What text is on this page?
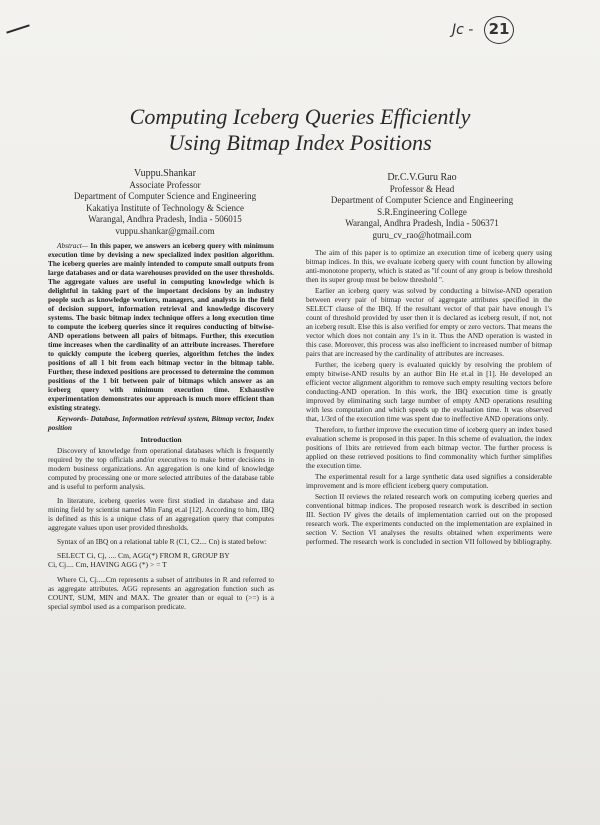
Jc -	21
Computing Iceberg Queries Efficiently
Using Bitmap Index Positions
Vuppu.Shankar
Associate Professor
Department of Computer Science and Engineering
Kakatiya Institute of Technology & Science
Warangal, Andhra Pradesh, India - 506015
vuppu.shankar@gmail.com
Dr.C.V.Guru Rao
Professor & Head
Department of Computer Science and Engineering
S.R.Engineering College
Warangal, Andhra Pradesh, India - 506371
guru_cv_rao@hotmail.com

Abstract— In this paper, we answers an iceberg query with minimum execution time by devising a new specialized index position algorithm. The iceberg queries are mainly intended to compute small outputs from large databases and or data warehouses provided on the user thresholds. The aggregate values are useful in computing knowledge which is delightful in taking part of the important decisions by an industry people such as knowledge workers, managers, and analysts in the field of decision support, information retrieval and knowledge discovery systems. The basic bitmap index technique offers a long execution time to compute the iceberg queries since it requires conducting of bitwise-AND operations between all pairs of bitmaps. Further, this execution time increases when the cardinality of an attribute increases. Therefore to quickly compute the iceberg queries, algorithm fetches the index positions of all 1 bit from each bitmap vector in the bitmap table. Further, these indexed positions are processed to determine the common positions of the 1 bit between pair of bitmaps which answer as an iceberg query with minimum execution time. Exhaustive experimentation demonstrates our approach is much more efficient than existing strategy.

Keywords- Database, Information retrieval system, Bitmap vector, Index position

Introduction

Discovery of knowledge from operational databases which is frequently required by the top officials and/or executives to make better decisions in modern business organizations. An aggregation is one kind of knowledge computed by processing one or more selected attributes of the database table and is useful to perform analysis.

In literature, iceberg queries were first studied in database and data mining field by scientist named Min Fang et.al [12]. According to him, IBQ is defined as this is a unique class of an aggregation query that computes aggregate values upon user provided thresholds.

Syntax of an IBQ on a relational table R (C1, C2.... Cn) is stated below:

SELECT Ci, Cj, .... Cm, AGG(*) FROM R, GROUP BY
Ci, Cj.... Cm, HAVING AGG (*) > = T

Where Ci, Cj.....Cm represents a subset of attributes in R and referred to as aggregate attributes. AGG represents an aggregation function such as COUNT, SUM, MIN and MAX. The greater than or equal to (>=) is a special symbol used as a comparison predicate.

The aim of this paper is to optimize an execution time of iceberg query using bitmap indices. In this, we evaluate iceberg query with count function by allowing anti-monotone property, which is stated as "if count of any group is below threshold then its super group must be below threshold ".

Earlier an iceberg query was solved by conducting a bitwise-AND operation between every pair of bitmap vector of aggregate attributes specified in the SELECT clause of the IBQ. If the resultant vector of that pair have enough 1's count of threshold provided by user then it is declared as iceberg result, if not, not an iceberg result. Else this is also verified for empty or zero vectors. That means the vector which does not contain any 1's in it. Thus the AND operation is wasted in this case. Moreover, this process was also inefficient to increased number of bitmap pairs that are increased by the cardinality of attributes are increases.

Further, the iceberg query is evaluated quickly by resolving the problem of empty bitwise-AND results by an author Bin He et.al in [1]. He developed an efficient vector alignment algorithm to remove such empty resulting vectors before conducting-AND operation. In this work, the IBQ execution time is greatly improved by eliminating such large number of empty AND operations resulting with less computation and which speeds up the evaluation time. It was observed that, 1/3rd of the execution time was spent due to ineffective AND operations only.

Therefore, to further improve the execution time of iceberg query an index based evaluation scheme is proposed in this paper. In this scheme of evaluation, the index positions of 1bits are retrieved from each bitmap vector. The further process is applied on these retrieved positions to find commonality which further simplifies the execution time.

The experimental result for a large synthetic data used signifies a considerable improvement and is more efficient iceberg query computation.

Section II reviews the related research work on computing iceberg queries and conventional bitmap indices. The proposed research work is described in section III. Section IV gives the details of implementation carried out on the proposed research work. The experiments conducted on the implementation are explained in section V. Section VI analyses the results obtained when experiments were performed. The research work is concluded in section VII followed by bibliography.
